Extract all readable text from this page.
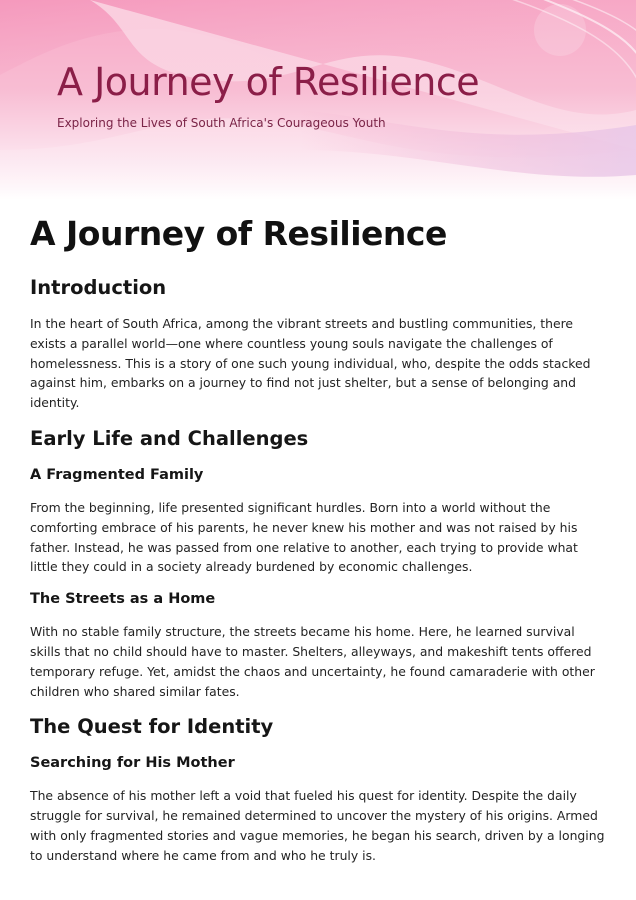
A Journey of Resilience

Exploring the Lives of South Africa's Courageous Youth

A Journey of Resilience
Introduction

In the heart of South Africa, among the vibrant streets and bustling communities, there exists a parallel world—one where countless young souls navigate the challenges of homelessness. This is a story of one such young individual, who, despite the odds stacked against him, embarks on a journey to find not just shelter, but a sense of belonging and identity.

Early Life and Challenges
A Fragmented Family

From the beginning, life presented significant hurdles. Born into a world without the comforting embrace of his parents, he never knew his mother and was not raised by his father. Instead, he was passed from one relative to another, each trying to provide what little they could in a society already burdened by economic challenges.

The Streets as a Home

With no stable family structure, the streets became his home. Here, he learned survival skills that no child should have to master. Shelters, alleyways, and makeshift tents offered temporary refuge. Yet, amidst the chaos and uncertainty, he found camaraderie with other children who shared similar fates.

The Quest for Identity
Searching for His Mother

The absence of his mother left a void that fueled his quest for identity. Despite the daily struggle for survival, he remained determined to uncover the mystery of his origins. Armed with only fragmented stories and vague memories, he began his search, driven by a longing to understand where he came from and who he truly is.
